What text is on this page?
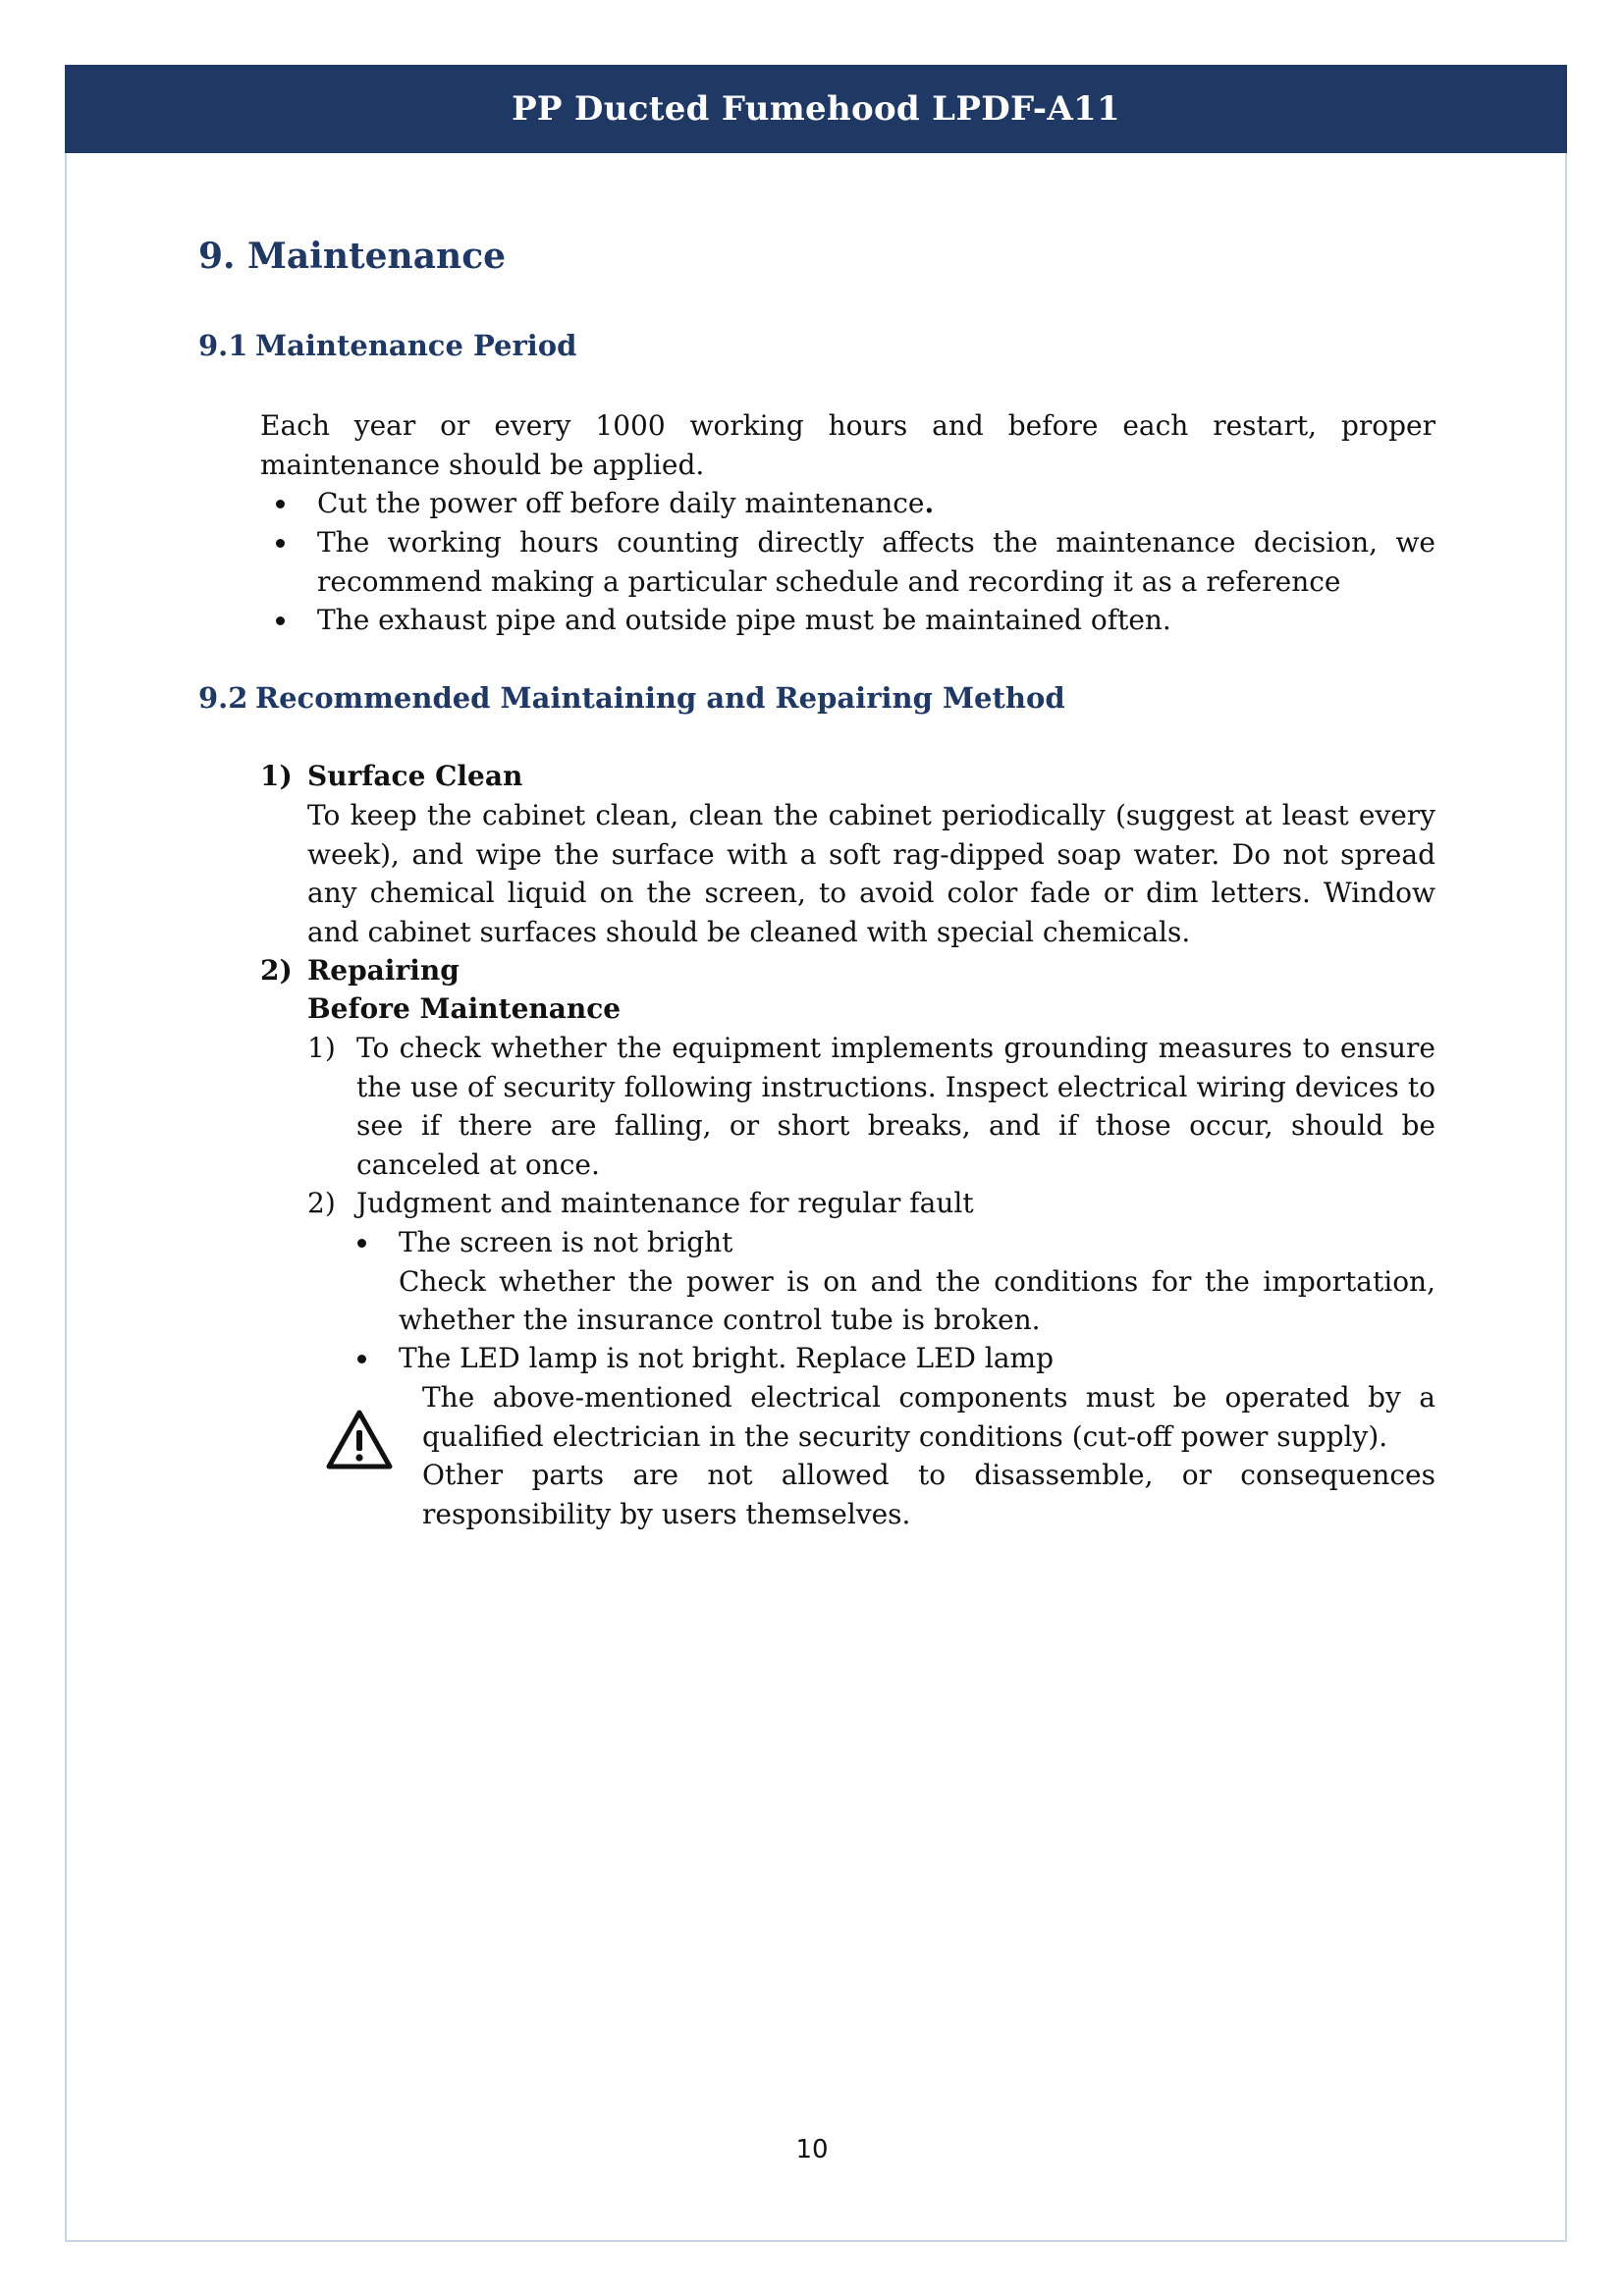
PP Ducted Fumehood LPDF-A11
9. Maintenance
9.1 Maintenance Period

Each year or every 1000 working hours and before each restart, proper maintenance should be applied.

Cut the power off before daily maintenance.
The working hours counting directly affects the maintenance decision, we recommend making a particular schedule and recording it as a reference
The exhaust pipe and outside pipe must be maintained often.
9.2 Recommended Maintaining and Repairing Method
1) Surface Clean

To keep the cabinet clean, clean the cabinet periodically (suggest at least every week), and wipe the surface with a soft rag-dipped soap water. Do not spread any chemical liquid on the screen, to avoid color fade or dim letters. Window and cabinet surfaces should be cleaned with special chemicals.

2) Repairing
Before Maintenance
1) To check whether the equipment implements grounding measures to ensure the use of security following instructions. Inspect electrical wiring devices to see if there are falling, or short breaks, and if those occur, should be canceled at once.
2) Judgment and maintenance for regular fault
The screen is not bright
Check whether the power is on and the conditions for the importation, whether the insurance control tube is broken.
The LED lamp is not bright. Replace LED lamp

The above-mentioned electrical components must be operated by a qualified electrician in the security conditions (cut-off power supply).

Other parts are not allowed to disassemble, or consequences responsibility by users themselves.

10
